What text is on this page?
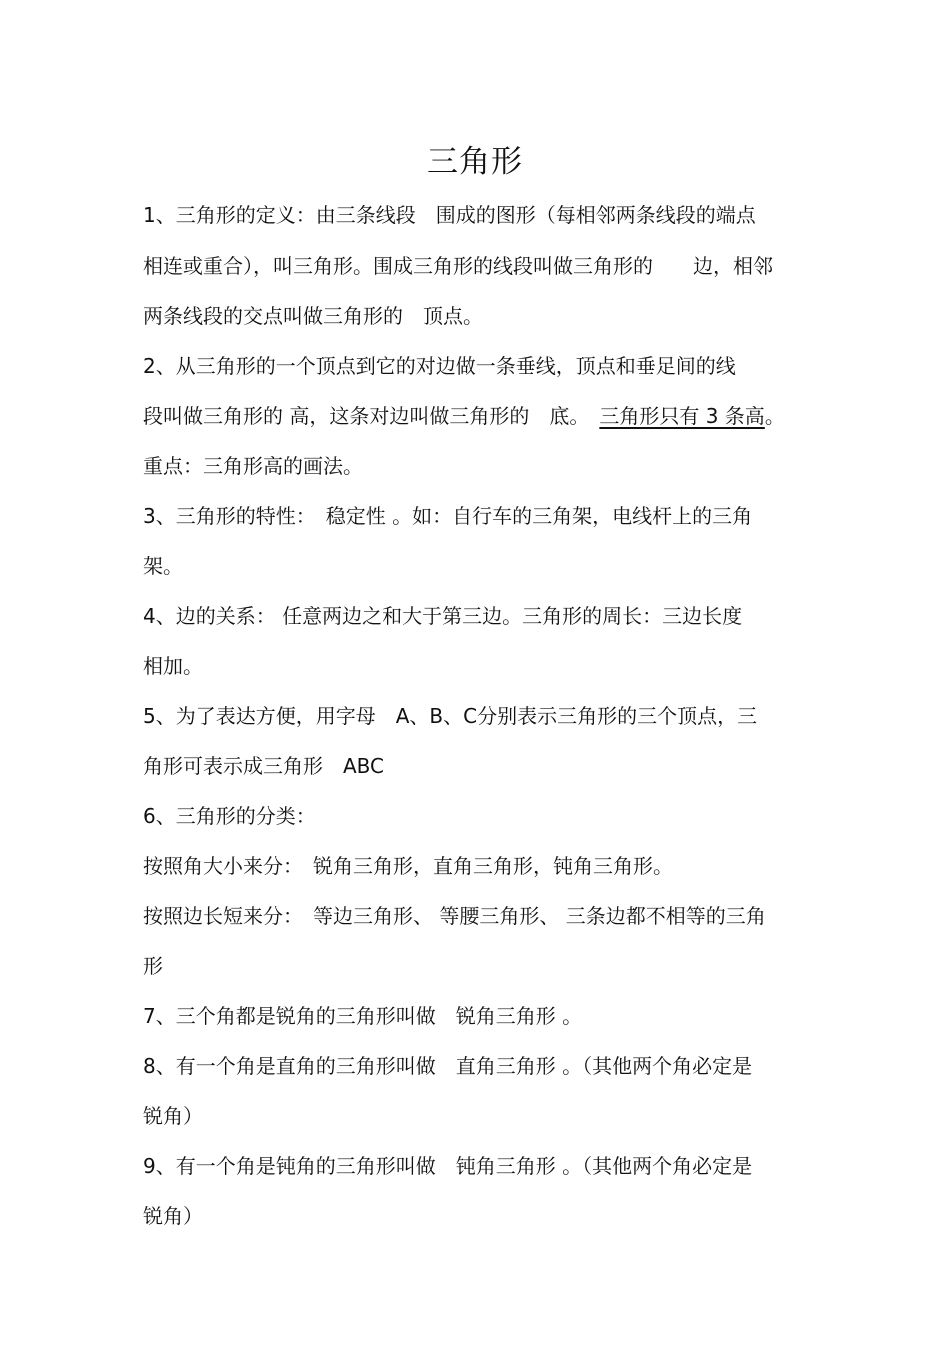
三角形
1、三角形的定义：由三条线段　围成的图形（每相邻两条线段的端点
相连或重合），叫三角形。围成三角形的线段叫做三角形的　　边，相邻
两条线段的交点叫做三角形的　顶点。
2、从三角形的一个顶点到它的对边做一条垂线，顶点和垂足间的线
段叫做三角形的 高，这条对边叫做三角形的　底。　三角形只有 3 条高。
重点：三角形高的画法。
3、三角形的特性：　稳定性 。如：自行车的三角架，电线杆上的三角
架。
4、边的关系： 任意两边之和大于第三边。三角形的周长：三边长度
相加。
5、为了表达方便，用字母　A、B、C分别表示三角形的三个顶点，三
角形可表示成三角形　ABC
6、三角形的分类：
按照角大小来分：　锐角三角形，直角三角形，钝角三角形。
按照边长短来分：　等边三角形、 等腰三角形、 三条边都不相等的三角
形
7、三个角都是锐角的三角形叫做　锐角三角形 。
8、有一个角是直角的三角形叫做　直角三角形 。（其他两个角必定是
锐角）
9、有一个角是钝角的三角形叫做　钝角三角形 。（其他两个角必定是
锐角）
